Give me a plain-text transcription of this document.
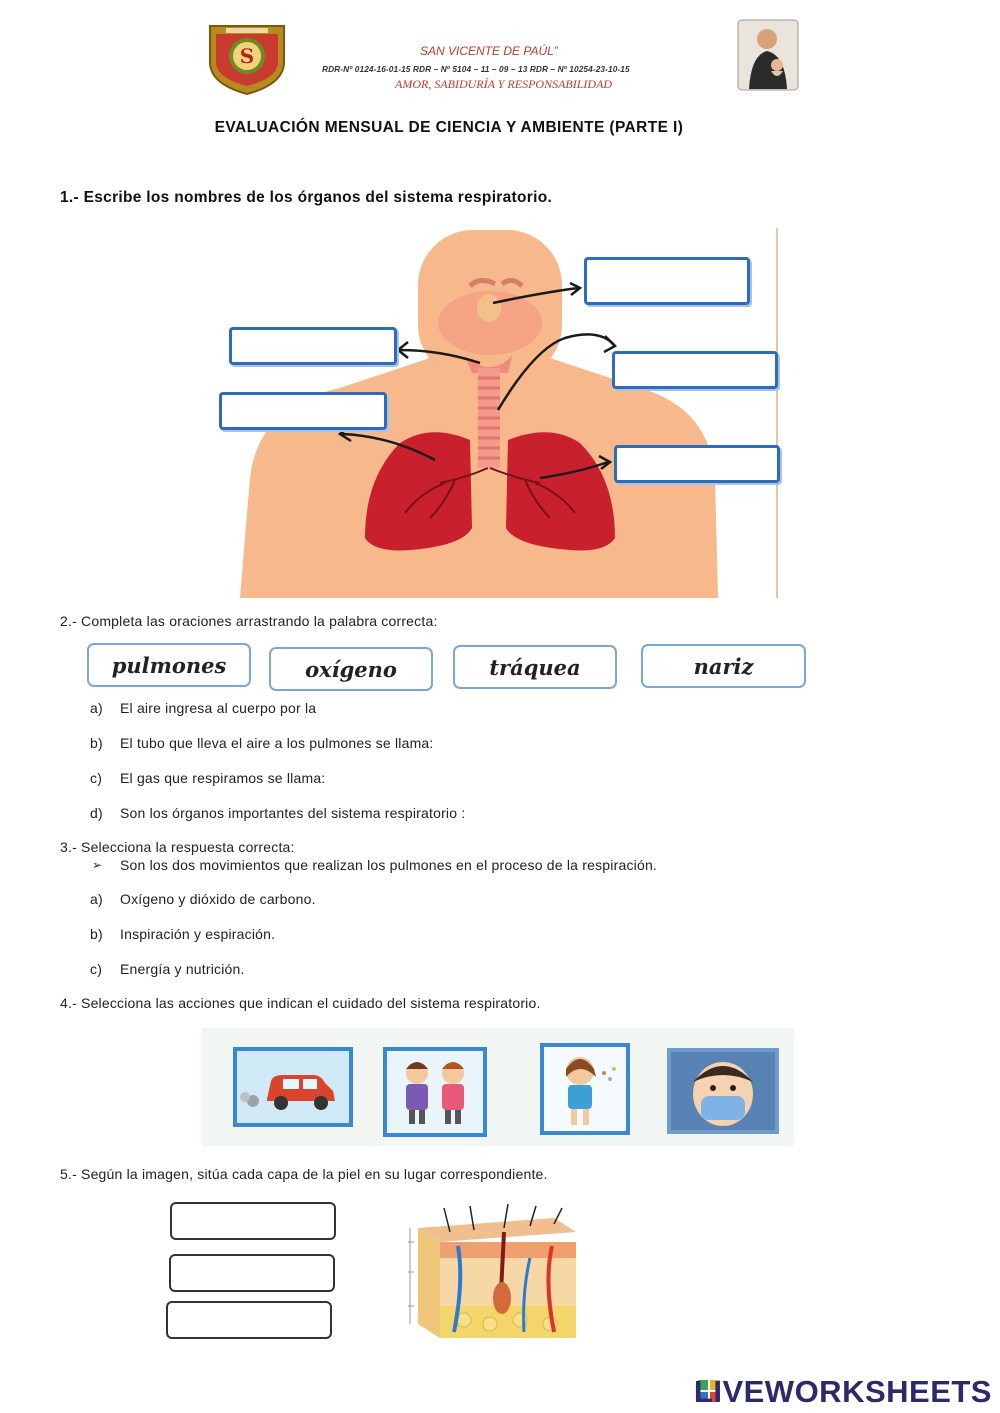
S	SAN VICENTE DE PAÚL”
RDR-Nº 0124-16-01-15 RDR – Nº 5104 – 11 – 09 – 13 RDR – Nº 10254-23-10-15
AMOR, SABIDURÍA Y RESPONSABILIDAD
EVALUACIÓN MENSUAL DE CIENCIA Y AMBIENTE (PARTE I)
1.- Escribe los nombres de los órganos del sistema respiratorio.
2.- Completa las oraciones arrastrando la palabra correcta:
pulmones	oxígeno	tráquea	nariz
a) El aire ingresa al cuerpo por la
b) El tubo que lleva el aire a los pulmones se llama:
c) El gas que respiramos se llama:
d) Son los órganos importantes del sistema respiratorio :
3.- Selecciona la respuesta correcta:
➢ Son los dos movimientos que realizan los pulmones en el proceso de la respiración.
a) Oxígeno y dióxido de carbono.
b) Inspiración y espiración.
c) Energía y nutrición.
4.- Selecciona las acciones que indican el cuidado del sistema respiratorio.
5.- Según la imagen, sitúa cada capa de la piel en su lugar correspondiente.
LIVEWORKSHEETS
